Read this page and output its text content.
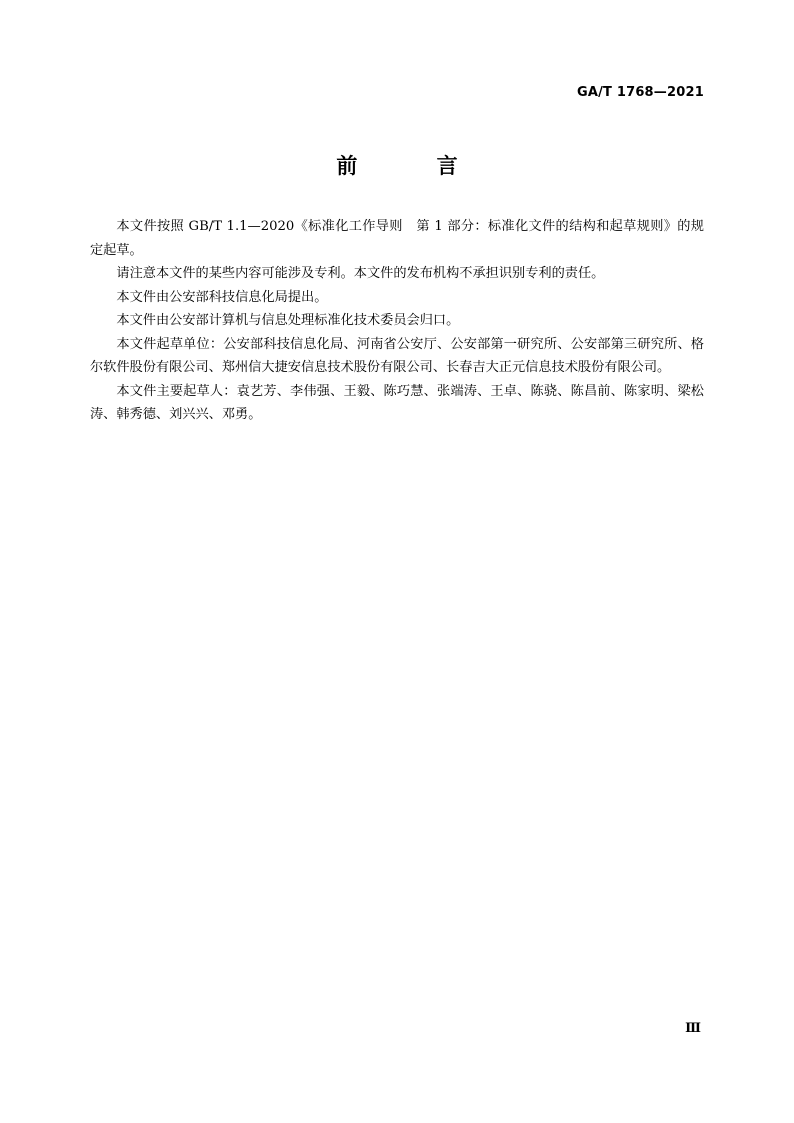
GA/T 1768—2021
前 言

本文件按照 GB/T 1.1—2020《标准化工作导则　第 1 部分：标准化文件的结构和起草规则》的规定起草。

请注意本文件的某些内容可能涉及专利。本文件的发布机构不承担识别专利的责任。

本文件由公安部科技信息化局提出。

本文件由公安部计算机与信息处理标准化技术委员会归口。

本文件起草单位：公安部科技信息化局、河南省公安厅、公安部第一研究所、公安部第三研究所、格尔软件股份有限公司、郑州信大捷安信息技术股份有限公司、长春吉大正元信息技术股份有限公司。

本文件主要起草人：袁艺芳、李伟强、王毅、陈巧慧、张端涛、王卓、陈骁、陈昌前、陈家明、梁松涛、韩秀德、刘兴兴、邓勇。

Ⅲ
